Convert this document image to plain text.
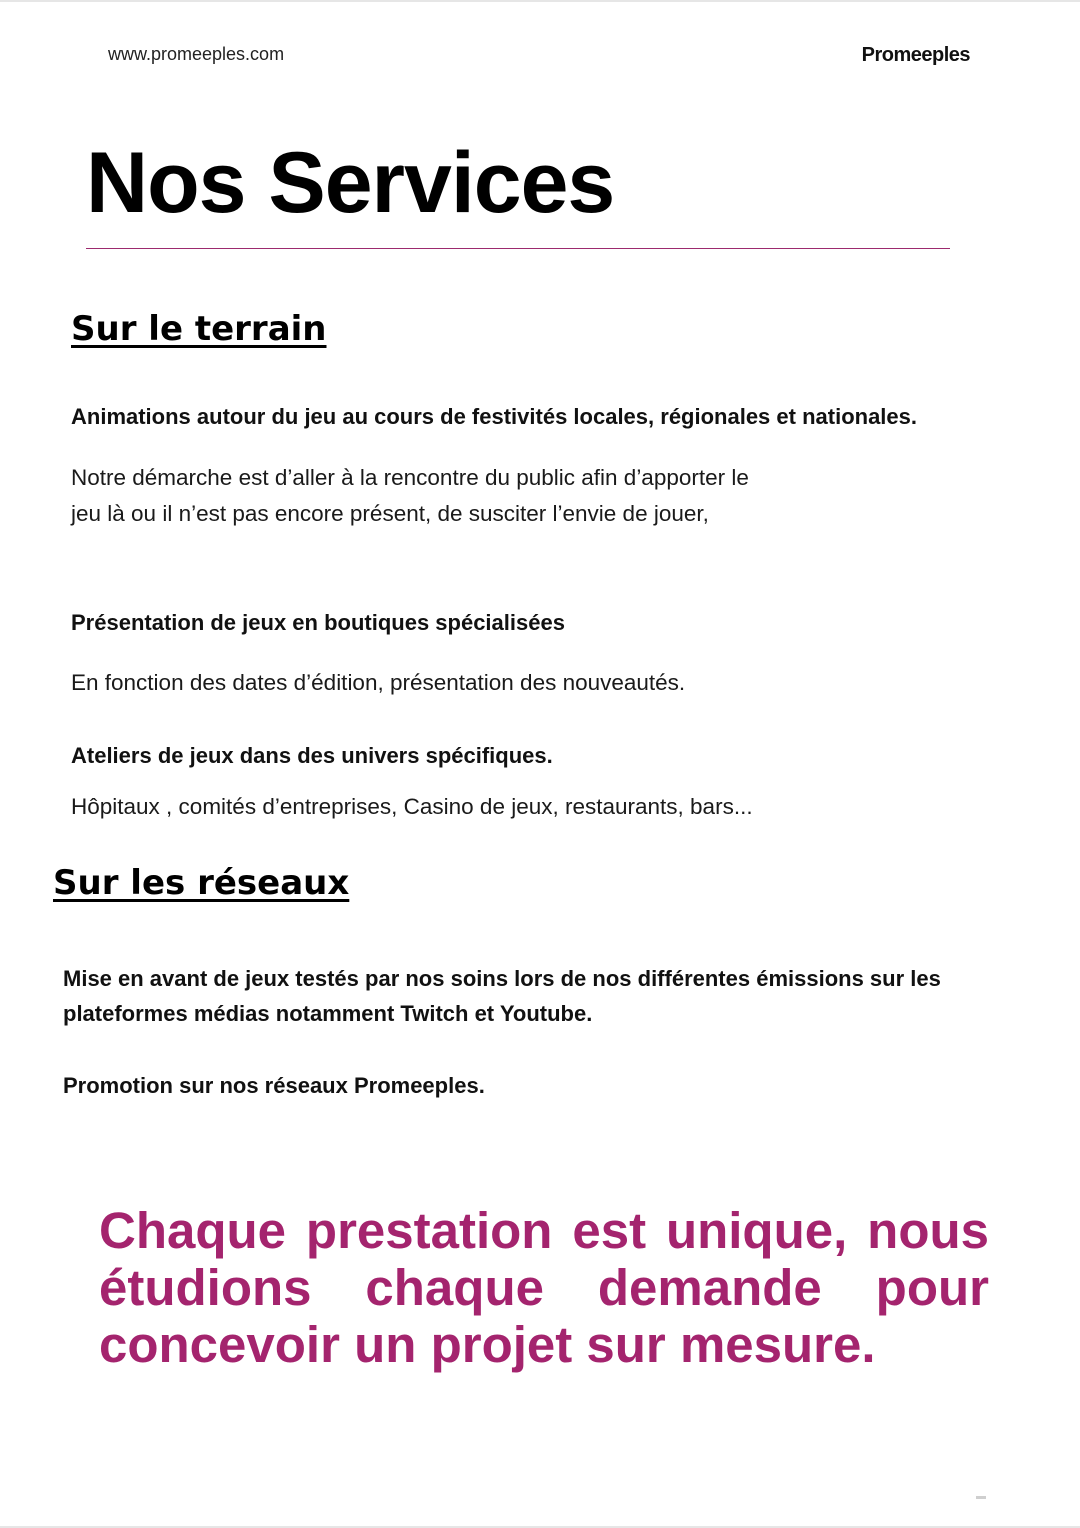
www.promeeples.com	Promeeples
Nos Services
Sur le terrain

Animations autour du jeu au cours de festivités locales, régionales et nationales.

Notre démarche est d’aller à la rencontre du public afin d’apporter le jeu là ou il n’est pas encore présent, de susciter l’envie de jouer,

Présentation de jeux en boutiques spécialisées

En fonction des dates d’édition, présentation des nouveautés.

Ateliers de jeux dans des univers spécifiques.

Hôpitaux , comités d’entreprises, Casino de jeux, restaurants, bars...

Sur les réseaux

Mise en avant de jeux testés par nos soins lors de nos différentes émissions sur les plateformes médias notamment Twitch et Youtube.

Promotion sur nos réseaux Promeeples.

Chaque prestation est unique, nous étudions chaque demande pour concevoir un projet sur mesure.
